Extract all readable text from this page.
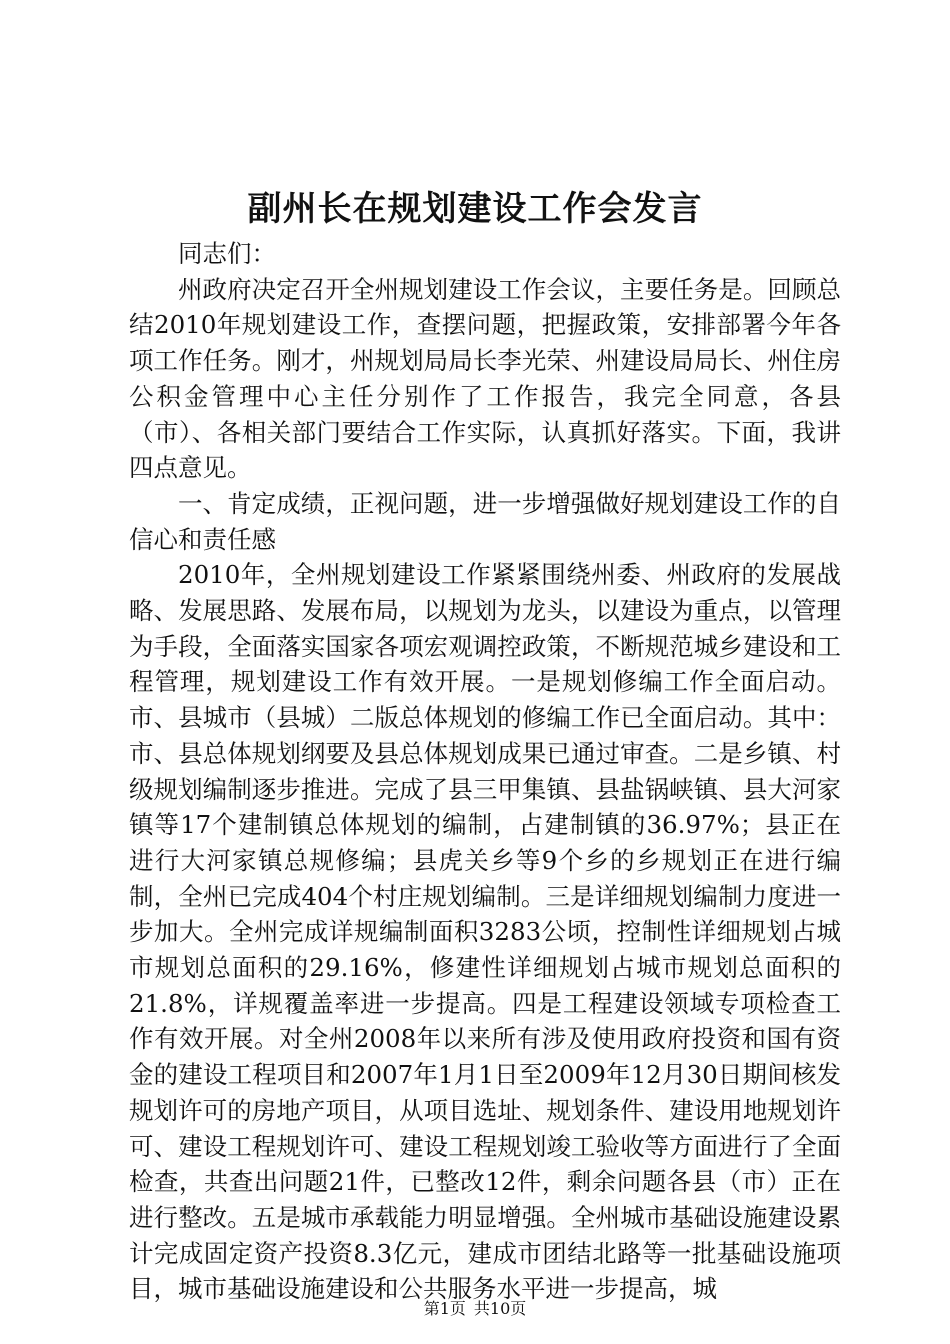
副州长在规划建设工作会发言

同志们：

州政府决定召开全州规划建设工作会议，主要任务是。回顾总结2010年规划建设工作，查摆问题，把握政策，安排部署今年各项工作任务。刚才，州规划局局长李光荣、州建设局局长、州住房公积金管理中心主任分别作了工作报告，我完全同意，各县（市）、各相关部门要结合工作实际，认真抓好落实。下面，我讲四点意见。

一、肯定成绩，正视问题，进一步增强做好规划建设工作的自信心和责任感

2010年，全州规划建设工作紧紧围绕州委、州政府的发展战略、发展思路、发展布局，以规划为龙头，以建设为重点，以管理为手段，全面落实国家各项宏观调控政策，不断规范城乡建设和工程管理，规划建设工作有效开展。一是规划修编工作全面启动。市、县城市（县城）二版总体规划的修编工作已全面启动。其中：市、县总体规划纲要及县总体规划成果已通过审查。二是乡镇、村级规划编制逐步推进。完成了县三甲集镇、县盐锅峡镇、县大河家镇等17个建制镇总体规划的编制，占建制镇的36.97%；县正在进行大河家镇总规修编；县虎关乡等9个乡的乡规划正在进行编制，全州已完成404个村庄规划编制。三是详细规划编制力度进一步加大。全州完成详规编制面积3283公顷，控制性详细规划占城市规划总面积的29.16%，修建性详细规划占城市规划总面积的21.8%，详规覆盖率进一步提高。四是工程建设领域专项检查工作有效开展。对全州2008年以来所有涉及使用政府投资和国有资金的建设工程项目和2007年1月1日至2009年12月30日期间核发规划许可的房地产项目，从项目选址、规划条件、建设用地规划许可、建设工程规划许可、建设工程规划竣工验收等方面进行了全面检查，共查出问题21件，已整改12件，剩余问题各县（市）正在进行整改。五是城市承载能力明显增强。全州城市基础设施建设累计完成固定资产投资8.3亿元，建成市团结北路等一批基础设施项目，城市基础设施建设和公共服务水平进一步提高，城

第1页 共10页
